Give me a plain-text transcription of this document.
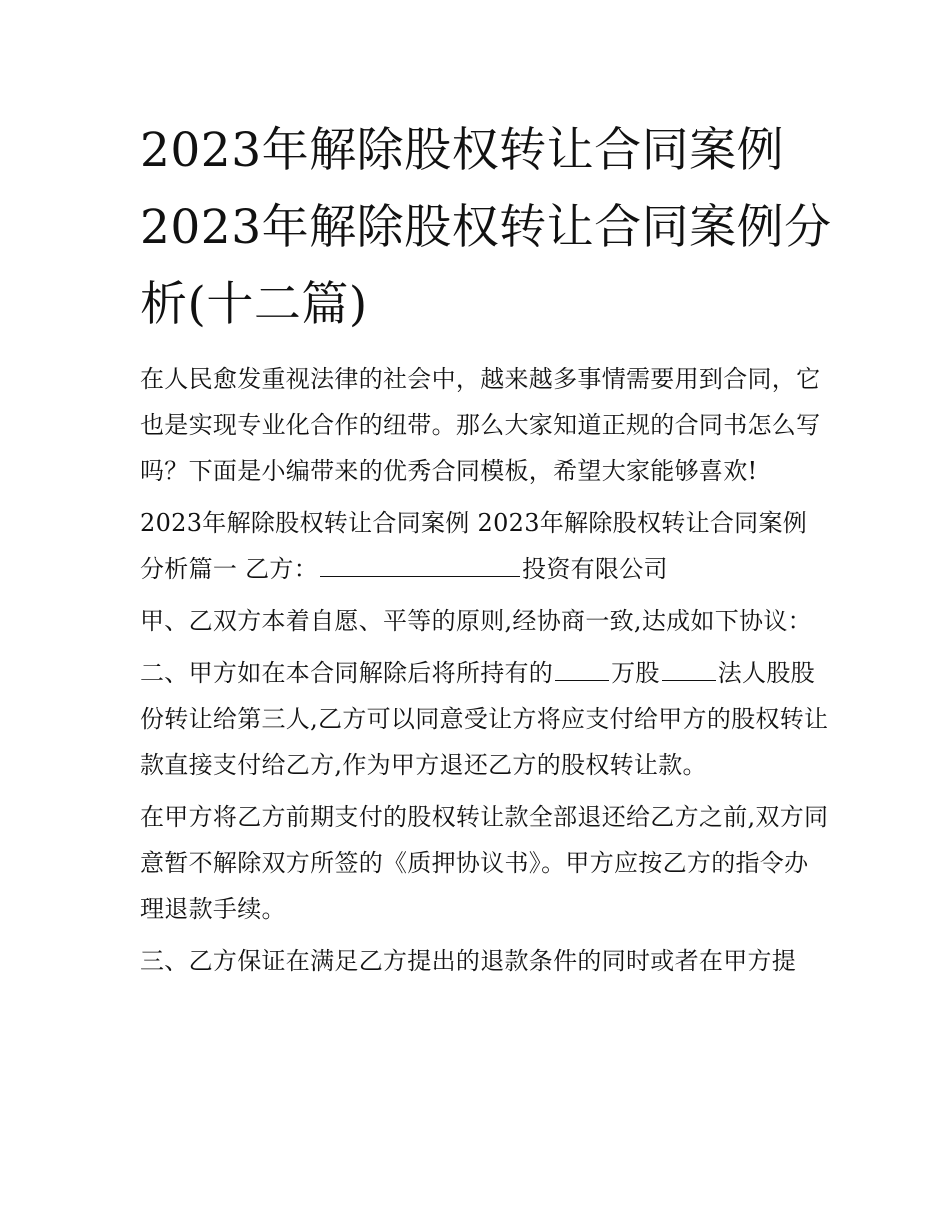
2023年解除股权转让合同案例2023年解除股权转让合同案例分析(十二篇)

在人民愈发重视法律的社会中，越来越多事情需要用到合同，它也是实现专业化合作的纽带。那么大家知道正规的合同书怎么写吗？下面是小编带来的优秀合同模板，希望大家能够喜欢!

2023年解除股权转让合同案例 2023年解除股权转让合同案例分析篇一 乙方：	投资有限公司

甲、乙双方本着自愿、平等的原则,经协商一致,达成如下协议：

二、甲方如在本合同解除后将所持有的 万股 法人股股份转让给第三人,乙方可以同意受让方将应支付给甲方的股权转让款直接支付给乙方,作为甲方退还乙方的股权转让款。

在甲方将乙方前期支付的股权转让款全部退还给乙方之前,双方同意暂不解除双方所签的《质押协议书》。甲方应按乙方的指令办理退款手续。

三、乙方保证在满足乙方提出的退款条件的同时或者在甲方提
